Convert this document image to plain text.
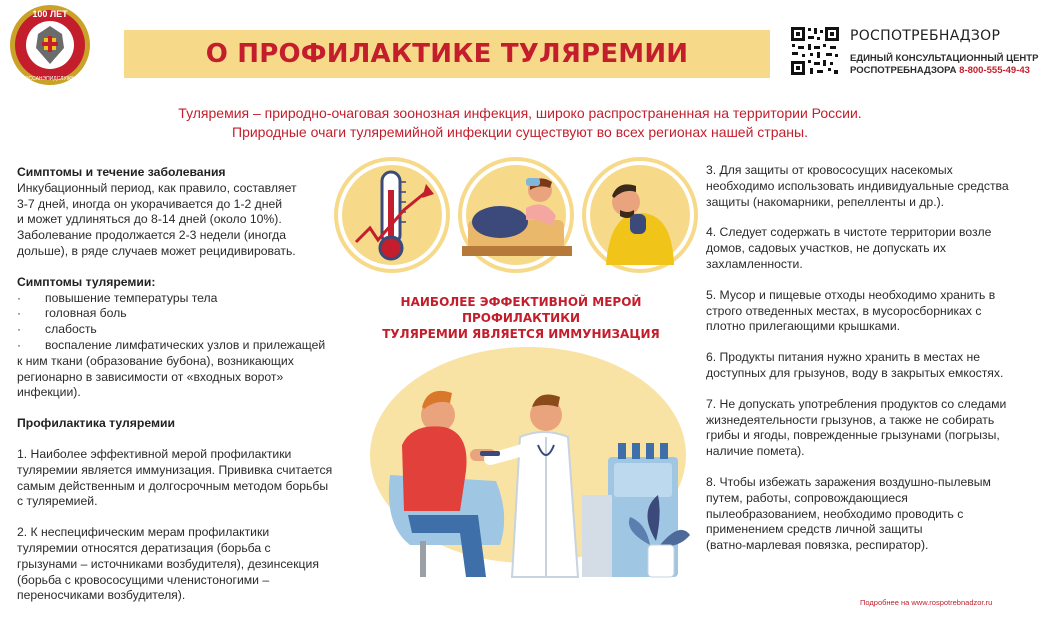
100 ЛЕТ
ГОССАНЭПИДСЛУЖБЕ
О ПРОФИЛАКТИКЕ ТУЛЯРЕМИИ
РОСПОТРЕБНАДЗОР
ЕДИНЫЙ КОНСУЛЬТАЦИОННЫЙ ЦЕНТР
РОСПОТРЕБНАДЗОРА 8-800-555-49-43
Туляремия – природно-очаговая зоонозная инфекция, широко распространенная на территории России.
Природные очаги туляремийной инфекции существуют во всех регионах нашей страны.
Симптомы и течение заболевания
Инкубационный период, как правило, составляет
3-7 дней, иногда он укорачивается до 1-2 дней
и может удлиняться до 8-14 дней (около 10%).
Заболевание продолжается 2-3 недели (иногда
дольше), в ряде случаев может рецидивировать.
Симптомы туляремии:
· повышение температуры тела
· головная боль
· слабость
· воспаление лимфатических узлов и прилежащей
к ним ткани (образование бубона), возникающих
регионарно в зависимости от «входных ворот»
инфекции).
Профилактика туляремии
1. Наиболее эффективной мерой профилактики
туляремии является иммунизация. Прививка считается
самым действенным и долгосрочным методом борьбы
с туляремией.
2. К неспецифическим мерам профилактики
туляремии относятся дератизация (борьба с
грызунами – источниками возбудителя), дезинсекция
(борьба с кровососущими членистоногими –
переносчиками возбудителя).
НАИБОЛЕЕ ЭФФЕКТИВНОЙ МЕРОЙ ПРОФИЛАКТИКИ
ТУЛЯРЕМИИ ЯВЛЯЕТСЯ ИММУНИЗАЦИЯ
3. Для защиты от кровососущих насекомых
необходимо использовать индивидуальные средства
защиты (накомарники, репелленты и др.).
4. Следует содержать в чистоте территории возле
домов, садовых участков, не допускать их
захламленности.
5. Мусор и пищевые отходы необходимо хранить в
строго отведенных местах, в мусоросборниках с
плотно прилегающими крышками.
6. Продукты питания нужно хранить в местах не
доступных для грызунов, воду в закрытых емкостях.
7. Не допускать употребления продуктов со следами
жизнедеятельности грызунов, а также не собирать
грибы и ягоды, поврежденные грызунами (погрызы,
наличие помета).
8. Чтобы избежать заражения воздушно-пылевым
путем, работы, сопровождающиеся
пылеобразованием, необходимо проводить с
применением средств личной защиты
(ватно-марлевая повязка, респиратор).
Подробнее на www.rospotrebnadzor.ru
